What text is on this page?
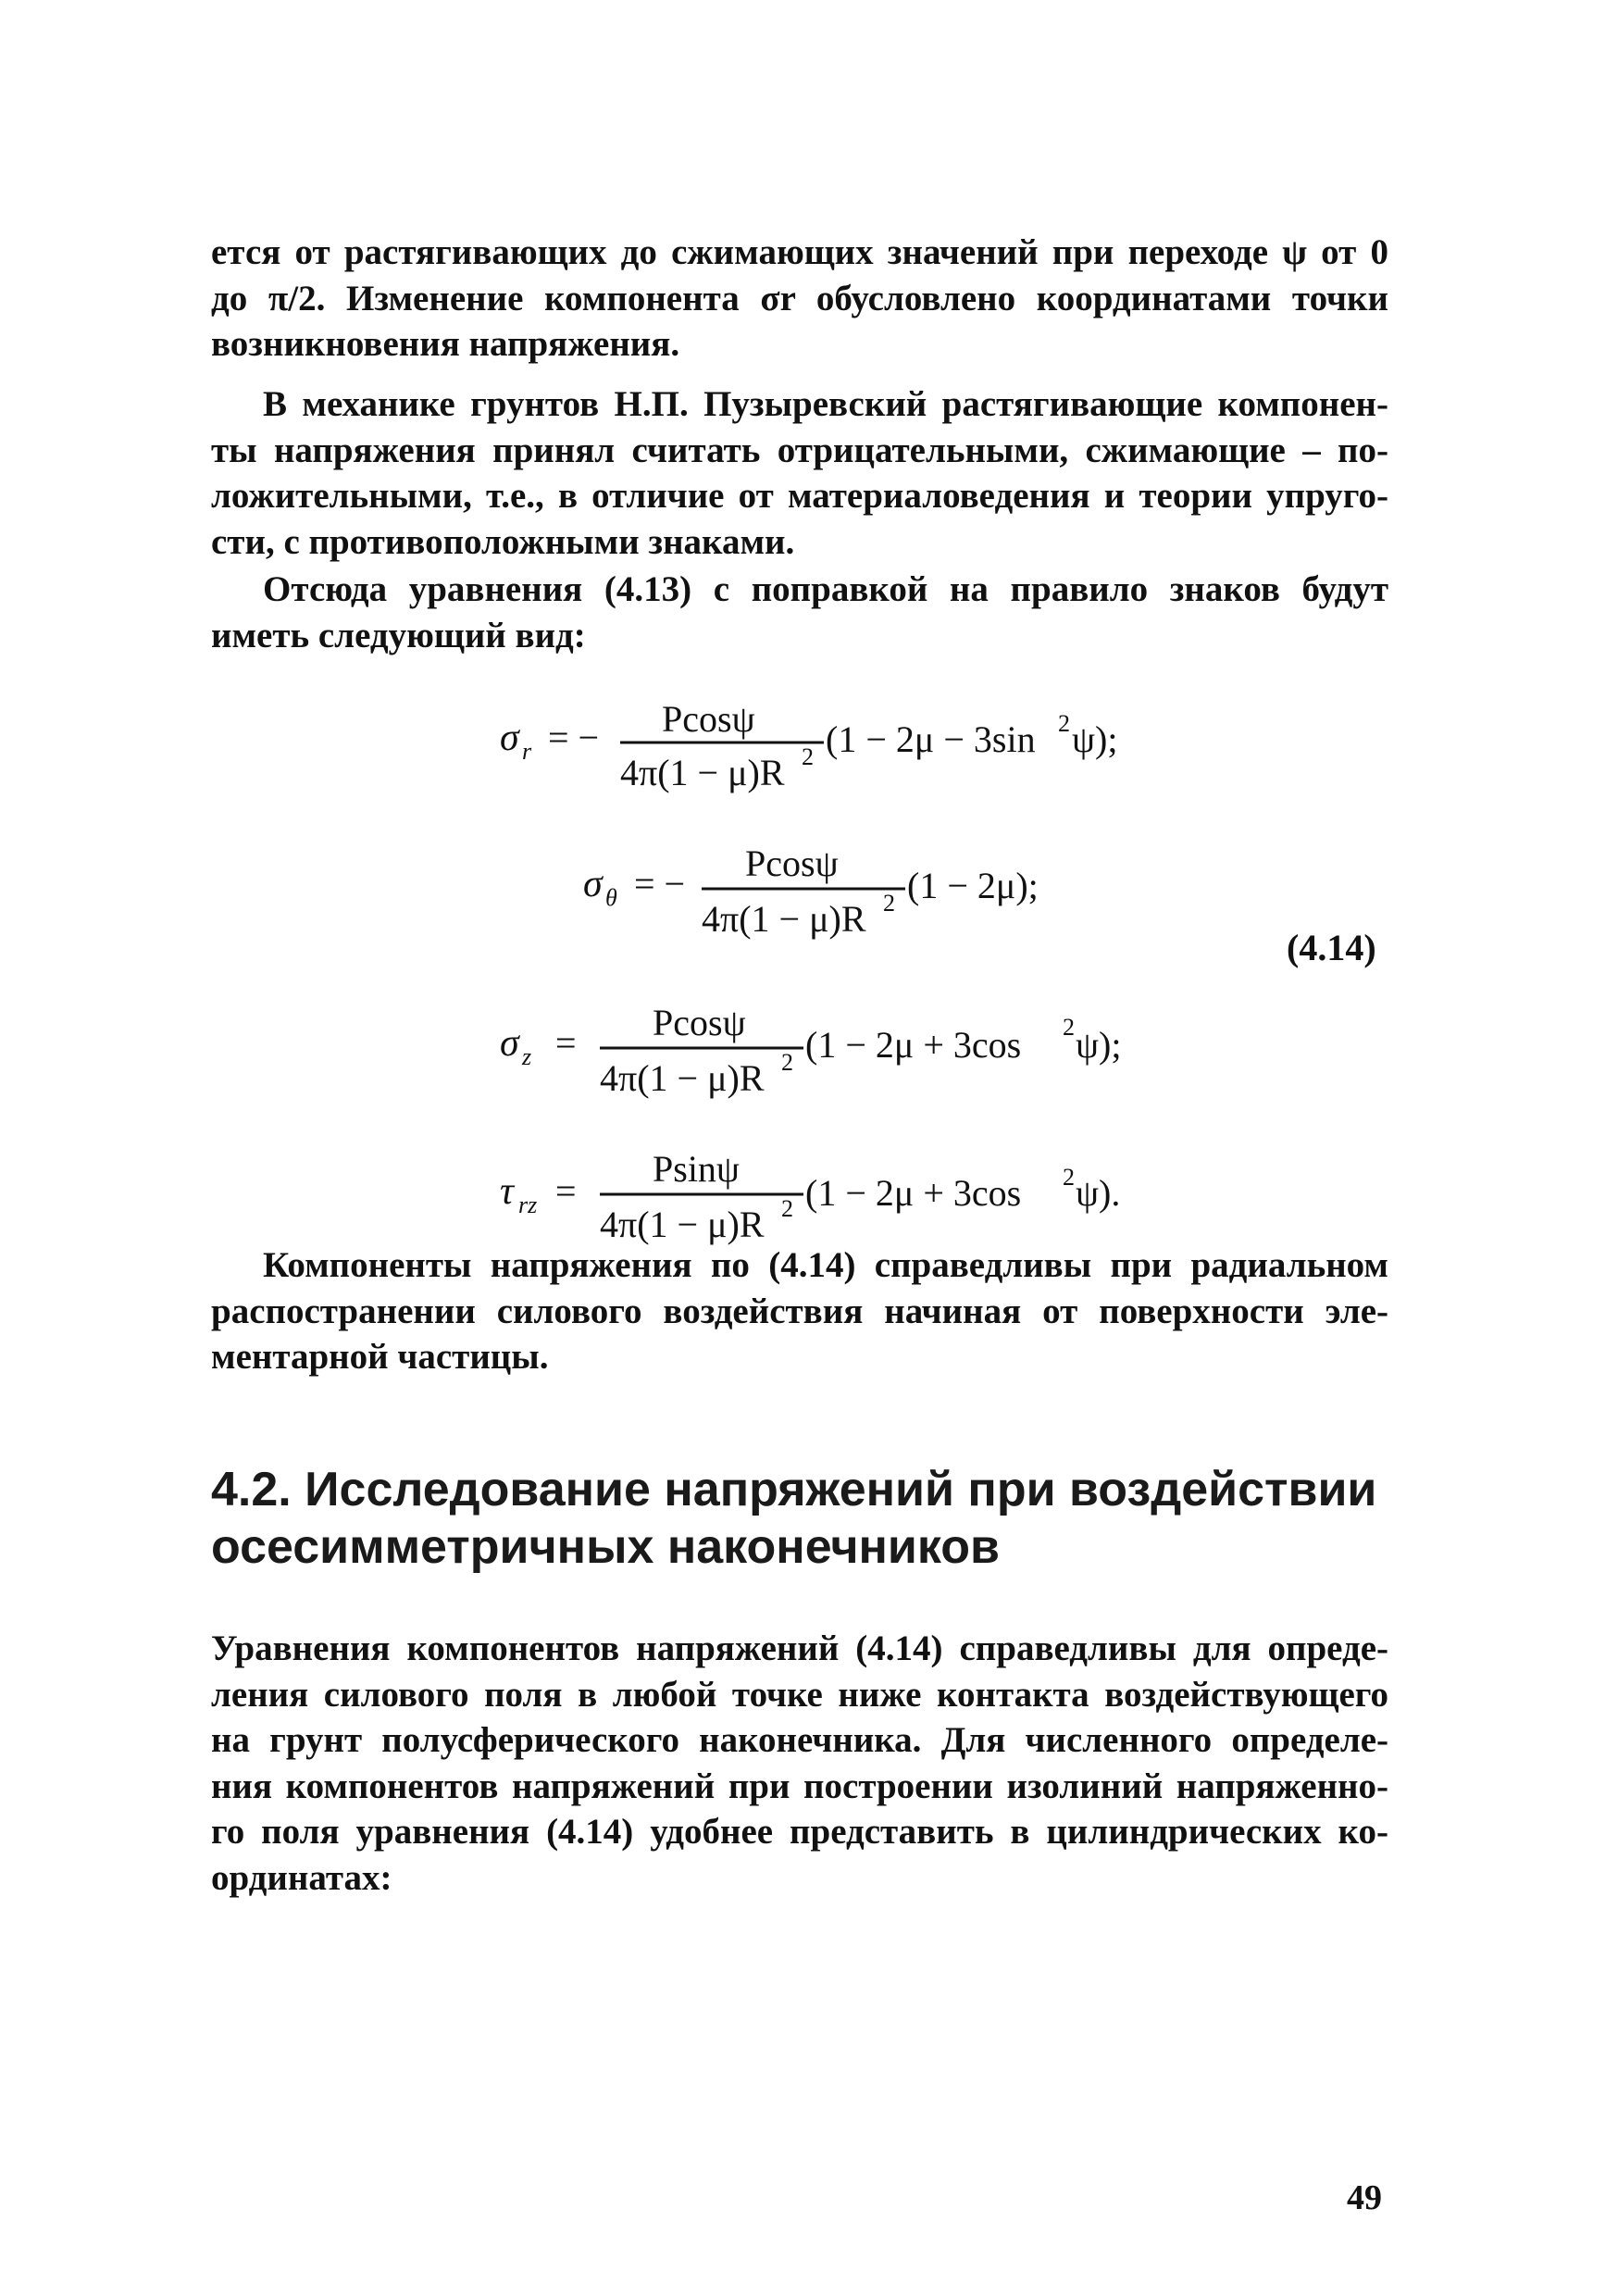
ется от растягивающих до сжимающих значений при переходе ψ от 0
до π/2. Изменение компонента σr обусловлено координатами точки
возникновения напряжения.
В механике грунтов Н.П. Пузыревский растягивающие компонен-
ты напряжения принял считать отрицательными, сжимающие – по-
ложительными, т.е., в отличие от материаловедения и теории упруго-
сти, с противоположными знаками.
Отсюда уравнения (4.13) с поправкой на правило знаков будут
иметь следующий вид:
σ r = − Pcosψ
4π(1 − μ)R 2 (1 − 2μ − 3sin 2 ψ);
σ θ = − Pcosψ
4π(1 − μ)R 2 (1 − 2μ);
σ z = Pcosψ
4π(1 − μ)R 2 (1 − 2μ + 3cos 2 ψ);
τ rz =
Psinψ
4π(1 − μ)R 2 (1 − 2μ + 3cos 2 ψ).
(4.14)
Компоненты напряжения по (4.14) справедливы при радиальном
распостранении силового воздействия начиная от поверхности эле-
ментарной частицы.
4.2. Исследование напряжений при воздействии
осесимметричных наконечников
Уравнения компонентов напряжений (4.14) справедливы для опреде-
ления силового поля в любой точке ниже контакта воздействующего
на грунт полусферического наконечника. Для численного определе-
ния компонентов напряжений при построении изолиний напряженно-
го поля уравнения (4.14) удобнее представить в цилиндрических ко-
ординатах:
49
